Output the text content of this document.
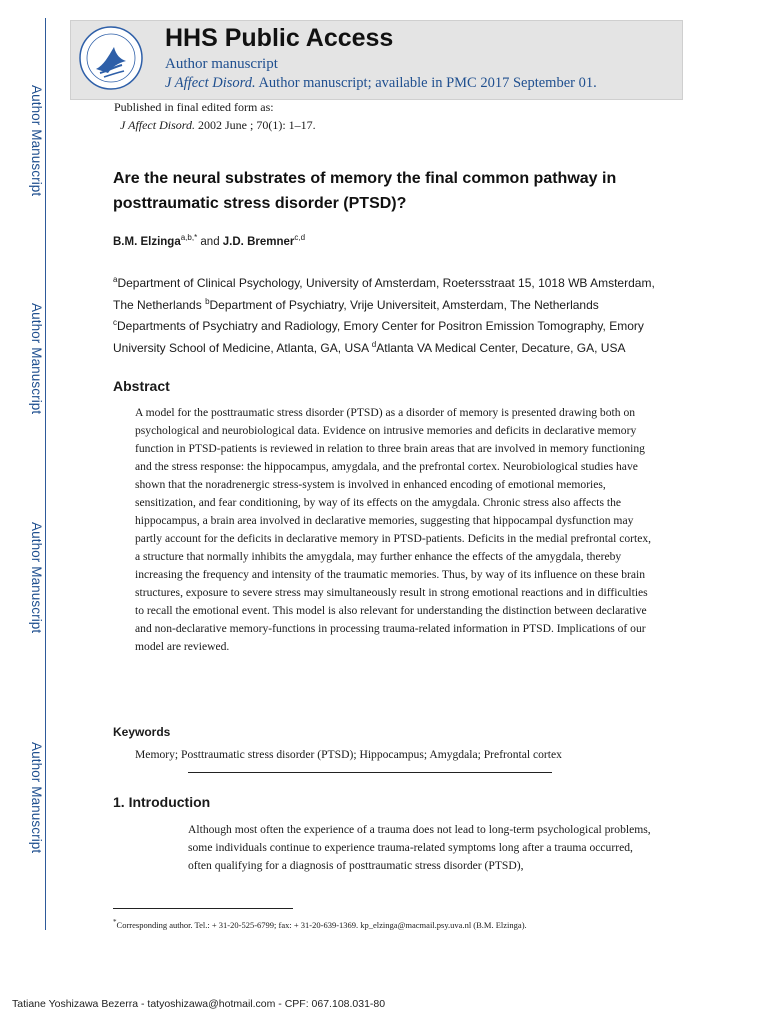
Author Manuscript
Author Manuscript
Author Manuscript
Author Manuscript
HHS Public Access
Author manuscript
J Affect Disord. Author manuscript; available in PMC 2017 September 01.
Published in final edited form as:
J Affect Disord. 2002 June ; 70(1): 1–17.
Are the neural substrates of memory the final common pathway in posttraumatic stress disorder (PTSD)?
B.M. Elzinga$^{a,b,*}$ and J.D. Bremner$^{c,d}$
$^a$Department of Clinical Psychology, University of Amsterdam, Roetersstraat 15, 1018 WB Amsterdam, The Netherlands $^b$Department of Psychiatry, Vrije Universiteit, Amsterdam, The Netherlands $^c$Departments of Psychiatry and Radiology, Emory Center for Positron Emission Tomography, Emory University School of Medicine, Atlanta, GA, USA $^d$Atlanta VA Medical Center, Decature, GA, USA
Abstract
A model for the posttraumatic stress disorder (PTSD) as a disorder of memory is presented drawing both on psychological and neurobiological data. Evidence on intrusive memories and deficits in declarative memory function in PTSD-patients is reviewed in relation to three brain areas that are involved in memory functioning and the stress response: the hippocampus, amygdala, and the prefrontal cortex. Neurobiological studies have shown that the noradrenergic stress-system is involved in enhanced encoding of emotional memories, sensitization, and fear conditioning, by way of its effects on the amygdala. Chronic stress also affects the hippocampus, a brain area involved in declarative memories, suggesting that hippocampal dysfunction may partly account for the deficits in declarative memory in PTSD-patients. Deficits in the medial prefrontal cortex, a structure that normally inhibits the amygdala, may further enhance the effects of the amygdala, thereby increasing the frequency and intensity of the traumatic memories. Thus, by way of its influence on these brain structures, exposure to severe stress may simultaneously result in strong emotional reactions and in difficulties to recall the emotional event. This model is also relevant for understanding the distinction between declarative and non-declarative memory-functions in processing trauma-related information in PTSD. Implications of our model are reviewed.
Keywords
Memory; Posttraumatic stress disorder (PTSD); Hippocampus; Amygdala; Prefrontal cortex
1. Introduction
Although most often the experience of a trauma does not lead to long-term psychological problems, some individuals continue to experience trauma-related symptoms long after a trauma occurred, often qualifying for a diagnosis of posttraumatic stress disorder (PTSD),
*Corresponding author. Tel.: + 31-20-525-6799; fax: + 31-20-639-1369. kp_elzinga@macmail.psy.uva.nl (B.M. Elzinga).
Tatiane Yoshizawa Bezerra - tatyoshizawa@hotmail.com - CPF: 067.108.031-80
